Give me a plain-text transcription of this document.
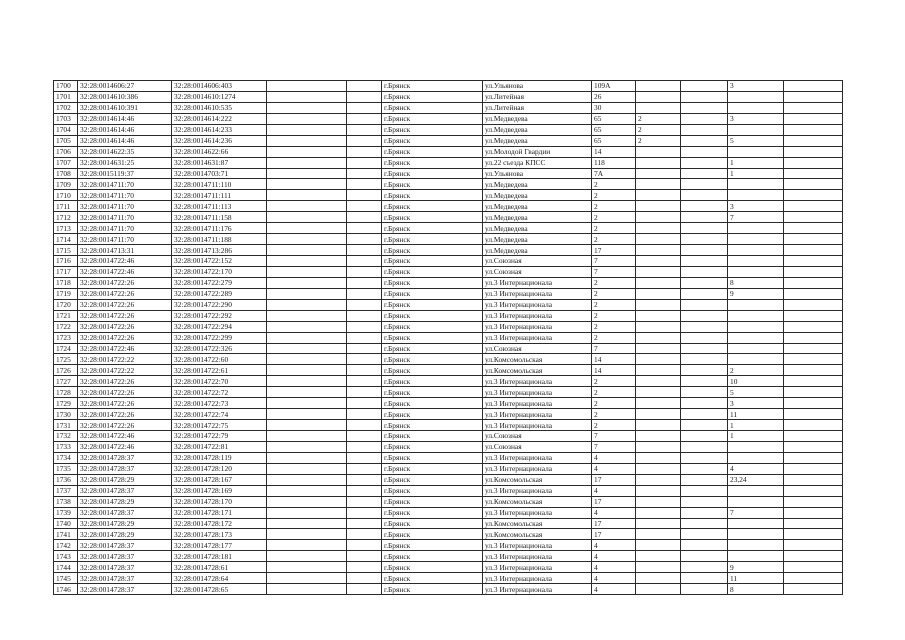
1700	32:28:0014606:27	32:28:0014606:403			г.Брянск	ул.Ульянова	109А			3	
1701	32:28:0014610:386	32:28:0014610:1274			г.Брянск	ул.Литейная	26				
1702	32:28:0014610:391	32:28:0014610:535			г.Брянск	ул.Литейная	30				
1703	32:28:0014614:46	32:28:0014614:222			г.Брянск	ул.Медведева	65	2		3	
1704	32:28:0014614:46	32:28:0014614:233			г.Брянск	ул.Медведева	65	2			
1705	32:28:0014614:46	32:28:0014614:236			г.Брянск	ул.Медведева	65	2		5	
1706	32:28:0014622:35	32:28:0014622:66			г.Брянск	ул.Молодой Гвардии	14				
1707	32:28:0014631:25	32:28:0014631:87			г.Брянск	ул.22 съезда КПСС	118			1	
1708	32:28:0015119:37	32:28:0014703:71			г.Брянск	ул.Ульянова	7А			1	
1709	32:28:0014711:70	32:28:0014711:110			г.Брянск	ул.Медведева	2				
1710	32:28:0014711:70	32:28:0014711:111			г.Брянск	ул.Медведева	2				
1711	32:28:0014711:70	32:28:0014711:113			г.Брянск	ул.Медведева	2			3	
1712	32:28:0014711:70	32:28:0014711:158			г.Брянск	ул.Медведева	2			7	
1713	32:28:0014711:70	32:28:0014711:176			г.Брянск	ул.Медведева	2				
1714	32:28:0014711:70	32:28:0014711:188			г.Брянск	ул.Медведева	2				
1715	32:28:0014713:31	32:28:0014713:286			г.Брянск	ул.Медведева	17				
1716	32:28:0014722:46	32:28:0014722:152			г.Брянск	ул.Союзная	7				
1717	32:28:0014722:46	32:28:0014722:170			г.Брянск	ул.Союзная	7				
1718	32:28:0014722:26	32:28:0014722:279			г.Брянск	ул.3 Интернационала	2			8	
1719	32:28:0014722:26	32:28:0014722:289			г.Брянск	ул.3 Интернационала	2			9	
1720	32:28:0014722:26	32:28:0014722:290			г.Брянск	ул.3 Интернационала	2				
1721	32:28:0014722:26	32:28:0014722:292			г.Брянск	ул.3 Интернационала	2				
1722	32:28:0014722:26	32:28:0014722:294			г.Брянск	ул.3 Интернационала	2				
1723	32:28:0014722:26	32:28:0014722:299			г.Брянск	ул.3 Интернационала	2				
1724	32:28:0014722:46	32:28:0014722:326			г.Брянск	ул.Союзная	7				
1725	32:28:0014722:22	32:28:0014722:60			г.Брянск	ул.Комсомольская	14				
1726	32:28:0014722:22	32:28:0014722:61			г.Брянск	ул.Комсомольская	14			2	
1727	32:28:0014722:26	32:28:0014722:70			г.Брянск	ул.3 Интернационала	2			10	
1728	32:28:0014722:26	32:28:0014722:72			г.Брянск	ул.3 Интернационала	2			5	
1729	32:28:0014722:26	32:28:0014722:73			г.Брянск	ул.3 Интернационала	2			3	
1730	32:28:0014722:26	32:28:0014722:74			г.Брянск	ул.3 Интернационала	2			11	
1731	32:28:0014722:26	32:28:0014722:75			г.Брянск	ул.3 Интернационала	2			1	
1732	32:28:0014722:46	32:28:0014722:79			г.Брянск	ул.Союзная	7			1	
1733	32:28:0014722:46	32:28:0014722:81			г.Брянск	ул.Союзная	7				
1734	32:28:0014728:37	32:28:0014728:119			г.Брянск	ул.3 Интернационала	4				
1735	32:28:0014728:37	32:28:0014728:120			г.Брянск	ул.3 Интернационала	4			4	
1736	32:28:0014728:29	32:28:0014728:167			г.Брянск	ул.Комсомольская	17			23,24	
1737	32:28:0014728:37	32:28:0014728:169			г.Брянск	ул.3 Интернационала	4				
1738	32:28:0014728:29	32:28:0014728:170			г.Брянск	ул.Комсомольская	17				
1739	32:28:0014728:37	32:28:0014728:171			г.Брянск	ул.3 Интернационала	4			7	
1740	32:28:0014728:29	32:28:0014728:172			г.Брянск	ул.Комсомольская	17				
1741	32:28:0014728:29	32:28:0014728:173			г.Брянск	ул.Комсомольская	17				
1742	32:28:0014728:37	32:28:0014728:177			г.Брянск	ул.3 Интернационала	4				
1743	32:28:0014728:37	32:28:0014728:181			г.Брянск	ул.3 Интернационала	4				
1744	32:28:0014728:37	32:28:0014728:61			г.Брянск	ул.3 Интернационала	4			9	
1745	32:28:0014728:37	32:28:0014728:64			г.Брянск	ул.3 Интернационала	4			11	
1746	32:28:0014728:37	32:28:0014728:65			г.Брянск	ул.3 Интернационала	4			8	
